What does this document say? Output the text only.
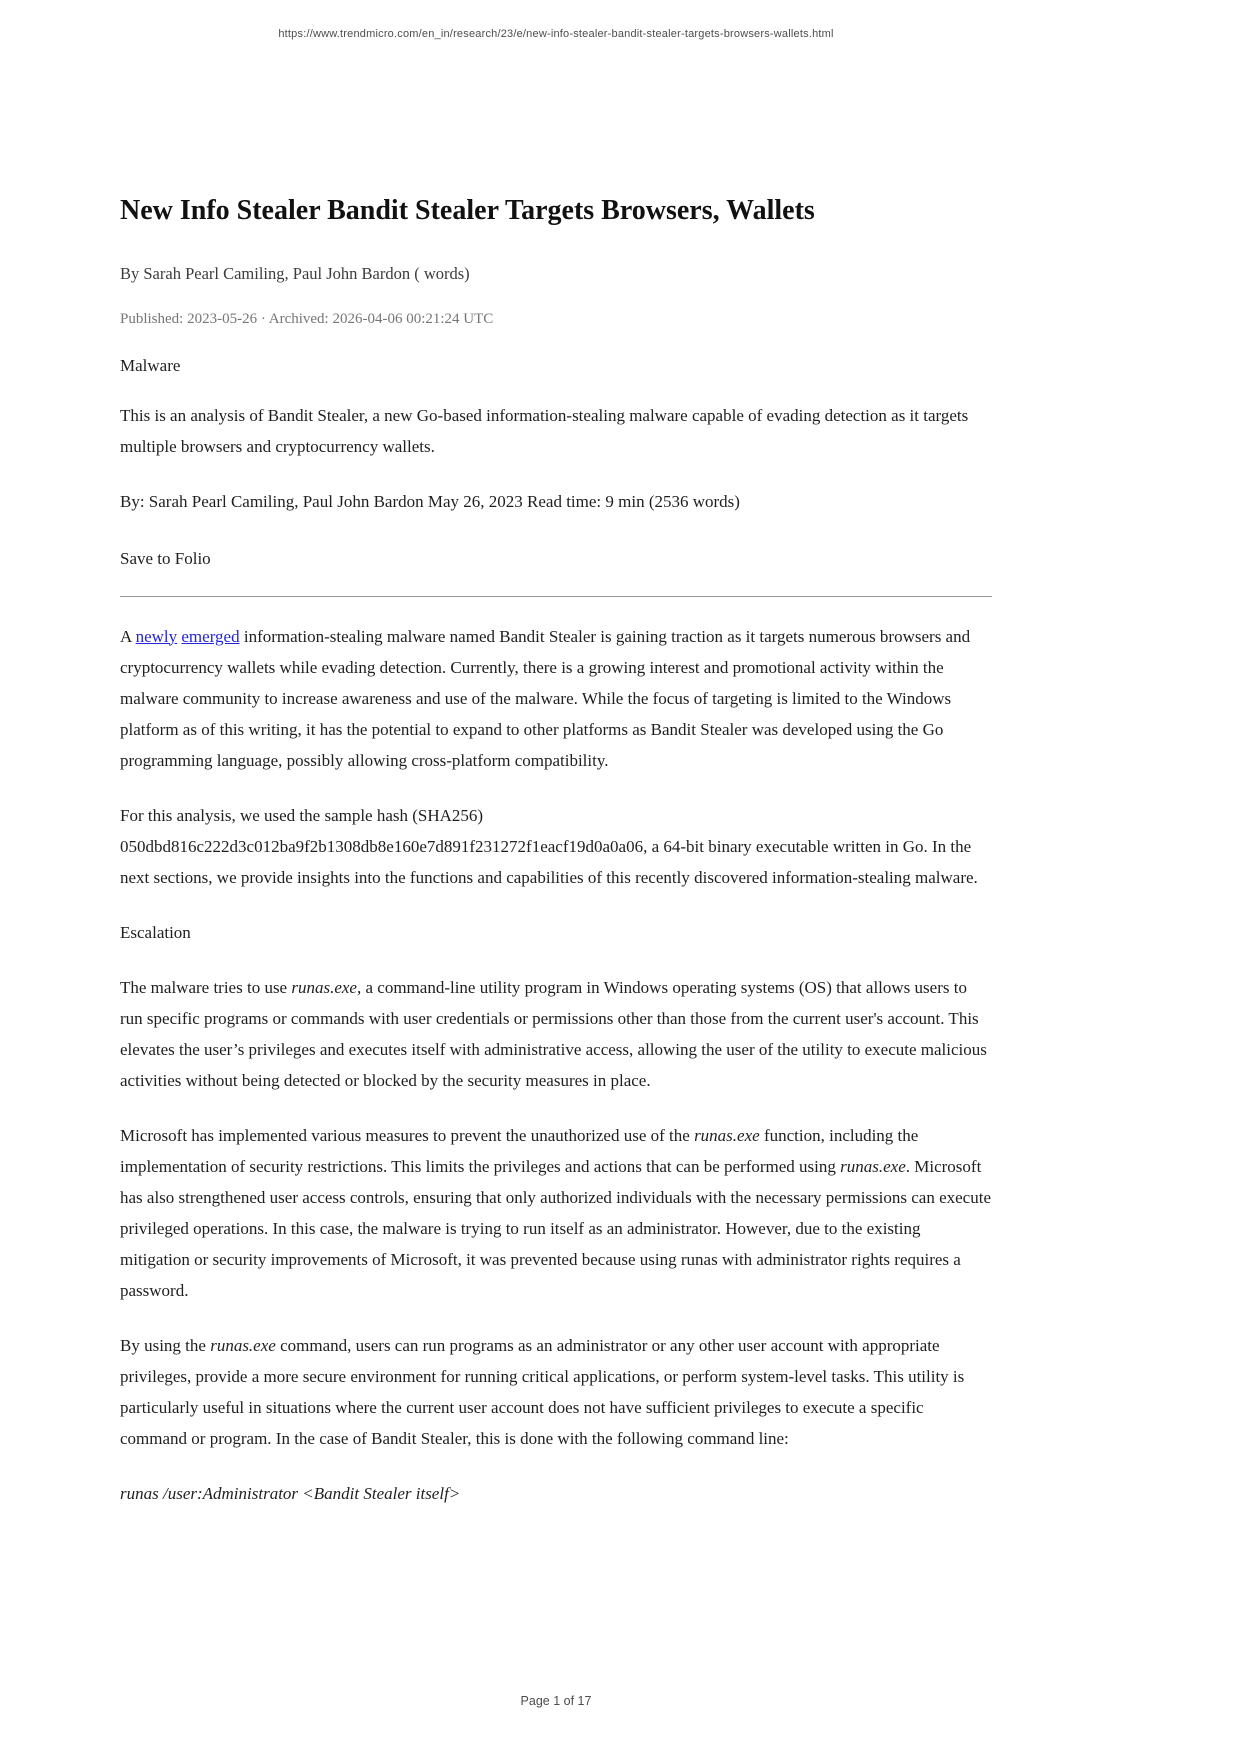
https://www.trendmicro.com/en_in/research/23/e/new-info-stealer-bandit-stealer-targets-browsers-wallets.html
New Info Stealer Bandit Stealer Targets Browsers, Wallets

By Sarah Pearl Camiling, Paul John Bardon ( words)

Published: 2023-05-26 · Archived: 2026-04-06 00:21:24 UTC

Malware

This is an analysis of Bandit Stealer, a new Go-based information-stealing malware capable of evading detection as it targets multiple browsers and cryptocurrency wallets.

By: Sarah Pearl Camiling, Paul John Bardon May 26, 2023 Read time: 9 min (2536 words)

Save to Folio

A newly emerged information-stealing malware named Bandit Stealer is gaining traction as it targets numerous browsers and cryptocurrency wallets while evading detection. Currently, there is a growing interest and promotional activity within the malware community to increase awareness and use of the malware. While the focus of targeting is limited to the Windows platform as of this writing, it has the potential to expand to other platforms as Bandit Stealer was developed using the Go programming language, possibly allowing cross-platform compatibility.

For this analysis, we used the sample hash (SHA256) 050dbd816c222d3c012ba9f2b1308db8e160e7d891f231272f1eacf19d0a0a06, a 64-bit binary executable written in Go. In the next sections, we provide insights into the functions and capabilities of this recently discovered information-stealing malware.

Escalation

The malware tries to use runas.exe, a command-line utility program in Windows operating systems (OS) that allows users to run specific programs or commands with user credentials or permissions other than those from the current user's account. This elevates the user’s privileges and executes itself with administrative access, allowing the user of the utility to execute malicious activities without being detected or blocked by the security measures in place.

Microsoft has implemented various measures to prevent the unauthorized use of the runas.exe function, including the implementation of security restrictions. This limits the privileges and actions that can be performed using runas.exe. Microsoft has also strengthened user access controls, ensuring that only authorized individuals with the necessary permissions can execute privileged operations. In this case, the malware is trying to run itself as an administrator. However, due to the existing mitigation or security improvements of Microsoft, it was prevented because using runas with administrator rights requires a password.

By using the runas.exe command, users can run programs as an administrator or any other user account with appropriate privileges, provide a more secure environment for running critical applications, or perform system-level tasks. This utility is particularly useful in situations where the current user account does not have sufficient privileges to execute a specific command or program. In the case of Bandit Stealer, this is done with the following command line:

runas /user:Administrator <Bandit Stealer itself>

Page 1 of 17
